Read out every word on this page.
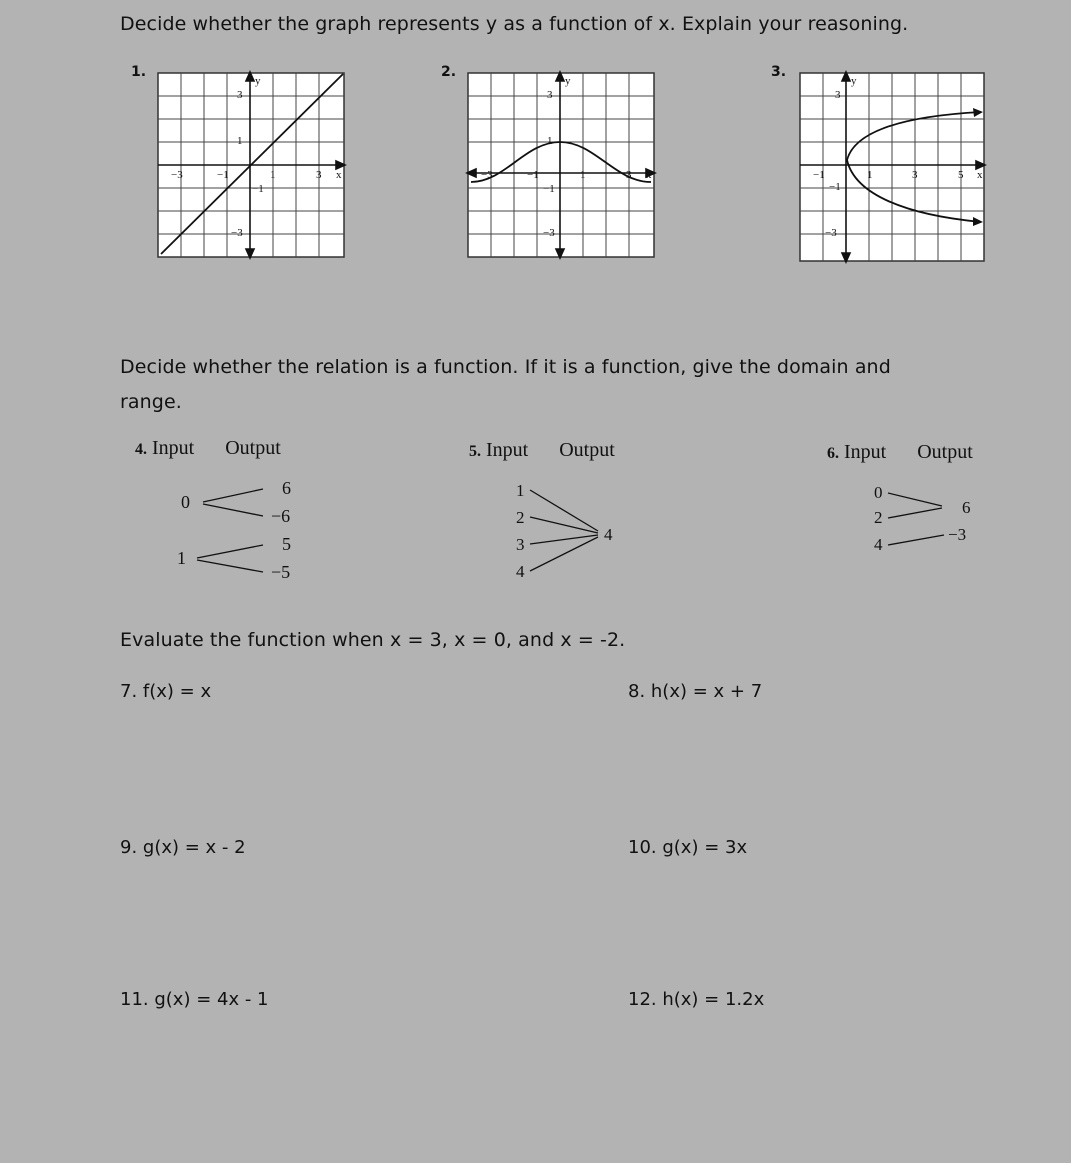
Decide whether the graph represents y as a function of x. Explain your reasoning.
1.
y
x
3
1
−1
−3
−3	−1	1	3
2.
y
x
3
1
−1
−3
−3	−1	1	3
3.
y
x
3
−1
−3
−1	1	3	5
Decide whether the relation is a function. If it is a function, give the domain and range.
4. Input Output
0
1
6
−6
5
−5
5. Input Output
1
2
3
4
4
6. Input Output
0
2
4
6
−3
Evaluate the function when x = 3, x = 0, and x = -2.
7. f(x) = x	8. h(x) = x + 7
9. g(x) = x - 2	10. g(x) = 3x
11. g(x) = 4x - 1	12. h(x) = 1.2x
